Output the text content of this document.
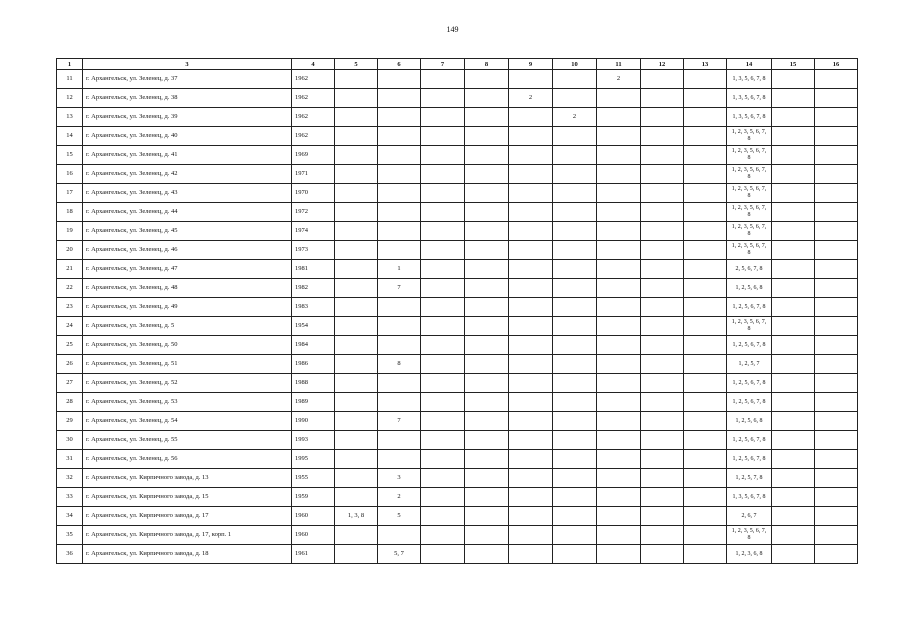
149
1	3	4	5	6	7	8	9	10	11	12	13	14	15	16
11	г. Архангельск, ул. Зеленец, д. 37	1962							2			1, 3, 5, 6, 7, 8		
12	г. Архангельск, ул. Зеленец, д. 38	1962					2					1, 3, 5, 6, 7, 8		
13	г. Архангельск, ул. Зеленец, д. 39	1962						2				1, 3, 5, 6, 7, 8		
14	г. Архангельск, ул. Зеленец, д. 40	1962										1, 2, 3, 5, 6, 7, 8		
15	г. Архангельск, ул. Зеленец, д. 41	1969										1, 2, 3, 5, 6, 7, 8		
16	г. Архангельск, ул. Зеленец, д. 42	1971										1, 2, 3, 5, 6, 7, 8		
17	г. Архангельск, ул. Зеленец, д. 43	1970										1, 2, 3, 5, 6, 7, 8		
18	г. Архангельск, ул. Зеленец, д. 44	1972										1, 2, 3, 5, 6, 7, 8		
19	г. Архангельск, ул. Зеленец, д. 45	1974										1, 2, 3, 5, 6, 7, 8		
20	г. Архангельск, ул. Зеленец, д. 46	1973										1, 2, 3, 5, 6, 7, 8		
21	г. Архангельск, ул. Зеленец, д. 47	1981		1								2, 5, 6, 7, 8		
22	г. Архангельск, ул. Зеленец, д. 48	1982		7								1, 2, 5, 6, 8		
23	г. Архангельск, ул. Зеленец, д. 49	1983										1, 2, 5, 6, 7, 8		
24	г. Архангельск, ул. Зеленец, д. 5	1954										1, 2, 3, 5, 6, 7, 8		
25	г. Архангельск, ул. Зеленец, д. 50	1984										1, 2, 5, 6, 7, 8		
26	г. Архангельск, ул. Зеленец, д. 51	1986		8								1, 2, 5, 7		
27	г. Архангельск, ул. Зеленец, д. 52	1988										1, 2, 5, 6, 7, 8		
28	г. Архангельск, ул. Зеленец, д. 53	1989										1, 2, 5, 6, 7, 8		
29	г. Архангельск, ул. Зеленец, д. 54	1990		7								1, 2, 5, 6, 8		
30	г. Архангельск, ул. Зеленец, д. 55	1993										1, 2, 5, 6, 7, 8		
31	г. Архангельск, ул. Зеленец, д. 56	1995										1, 2, 5, 6, 7, 8		
32	г. Архангельск, ул. Кирпичного завода, д. 13	1955		3								1, 2, 5, 7, 8		
33	г. Архангельск, ул. Кирпичного завода, д. 15	1959		2								1, 3, 5, 6, 7, 8		
34	г. Архангельск, ул. Кирпичного завода, д. 17	1960	1, 3, 8	5								2, 6, 7		
35	г. Архангельск, ул. Кирпичного завода, д. 17, корп. 1	1960										1, 2, 3, 5, 6, 7, 8		
36	г. Архангельск, ул. Кирпичного завода, д. 18	1961		5, 7								1, 2, 3, 6, 8		
